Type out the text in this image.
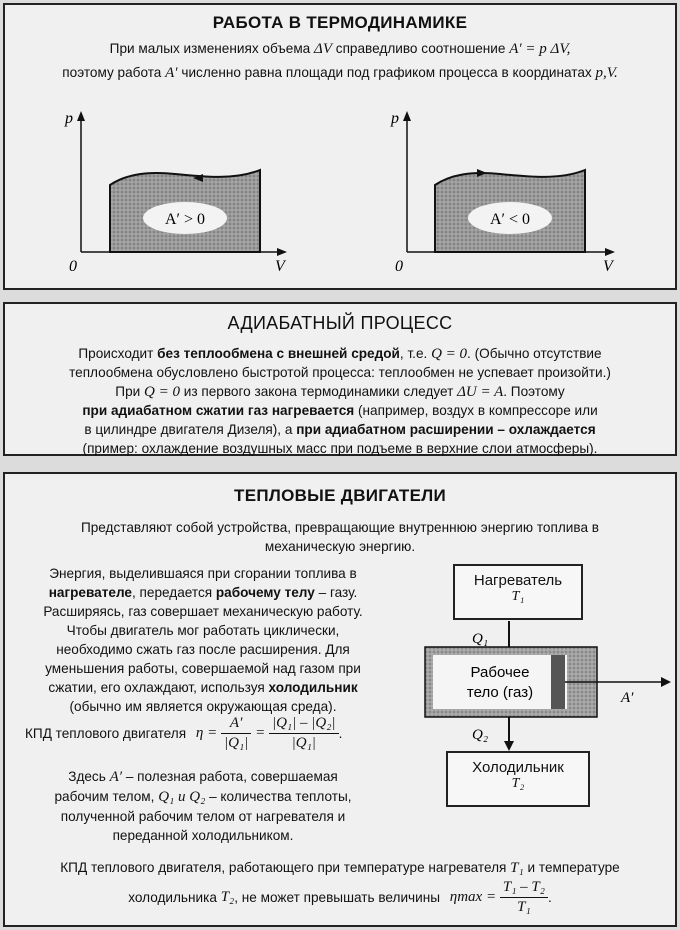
РАБОТА В ТЕРМОДИНАМИКЕ
При малых изменениях объема ΔV справедливо соотношение A′ = p ΔV,
поэтому работа A′ численно равна площади под графиком процесса в координатах p,V.
A′ > 0
p
V
0
A′ < 0
p
V
0
АДИАБАТНЫЙ ПРОЦЕСС
Происходит без теплообмена с внешней средой, т.е. Q = 0. (Обычно отсутствие
теплообмена обусловлено быстротой процесса: теплообмен не успевает произойти.)
При Q = 0 из первого закона термодинамики следует ΔU = A. Поэтому
при адиабатном сжатии газ нагревается (например, воздух в компрессоре или
в цилиндре двигателя Дизеля), а при адиабатном расширении – охлаждается
(пример: охлаждение воздушных масс при подъеме в верхние слои атмосферы).
ТЕПЛОВЫЕ ДВИГАТЕЛИ
Представляют собой устройства, превращающие внутреннюю энергию топлива в
механическую энергию.
Энергия, выделившаяся при сгорании топлива в
нагревателе, передается рабочему телу – газу.
Расширяясь, газ совершает механическую работу.
Чтобы двигатель мог работать циклически,
необходимо сжать газ после расширения. Для
уменьшения работы, совершаемой над газом при
сжатии, его охлаждают, используя холодильник
(обычно им является окружающая среда).
КПД теплового двигателя $\eta = \frac{A'}{\text{|Q₁|}} = \frac{\text{|Q₁| – |Q₂|}}{\text{|Q₁|}}$ .
Здесь A′ – полезная работа, совершаемая
рабочим телом, Q₁ и Q₂ – количества теплоты,
полученной рабочим телом от нагревателя и
переданной холодильником.
КПД теплового двигателя, работающего при температуре нагревателя T₁ и температуре
холодильника T₂, не может превышать величины $\eta\max = \frac{\text{T₁ – T₂}}{\text{T₁}}$ .
Q₁
Q₂
A′
Рабочее
тело (газ)
Нагреватель
T₁
Холодильник
T₂
